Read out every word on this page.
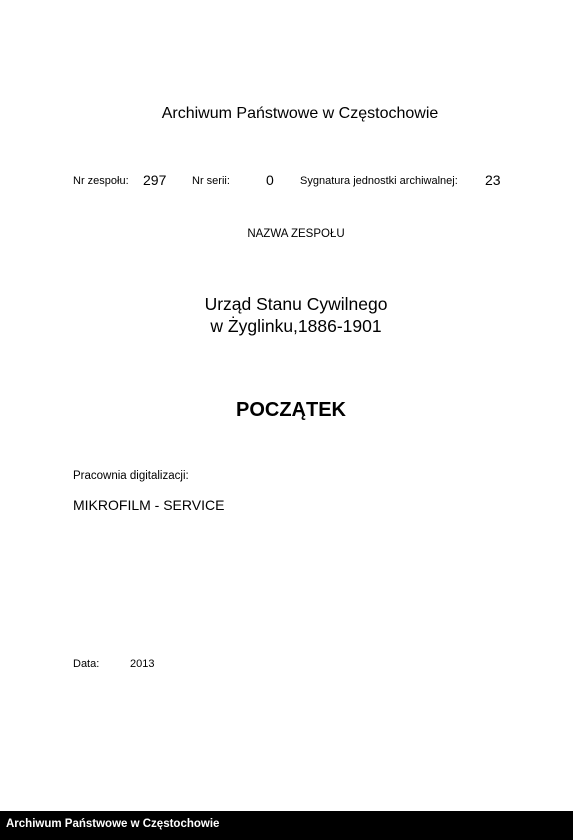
Archiwum Państwowe w Częstochowie
Nr zespołu: 297 Nr serii:	0 Sygnatura jednostki archiwalnej: 23
NAZWA ZESPOŁU
Urząd Stanu Cywilnego
w Żyglinku,1886-1901
POCZĄTEK
Pracownia digitalizacji:
MIKROFILM - SERVICE
Data:	2013
Archiwum Państwowe w Częstochowie
